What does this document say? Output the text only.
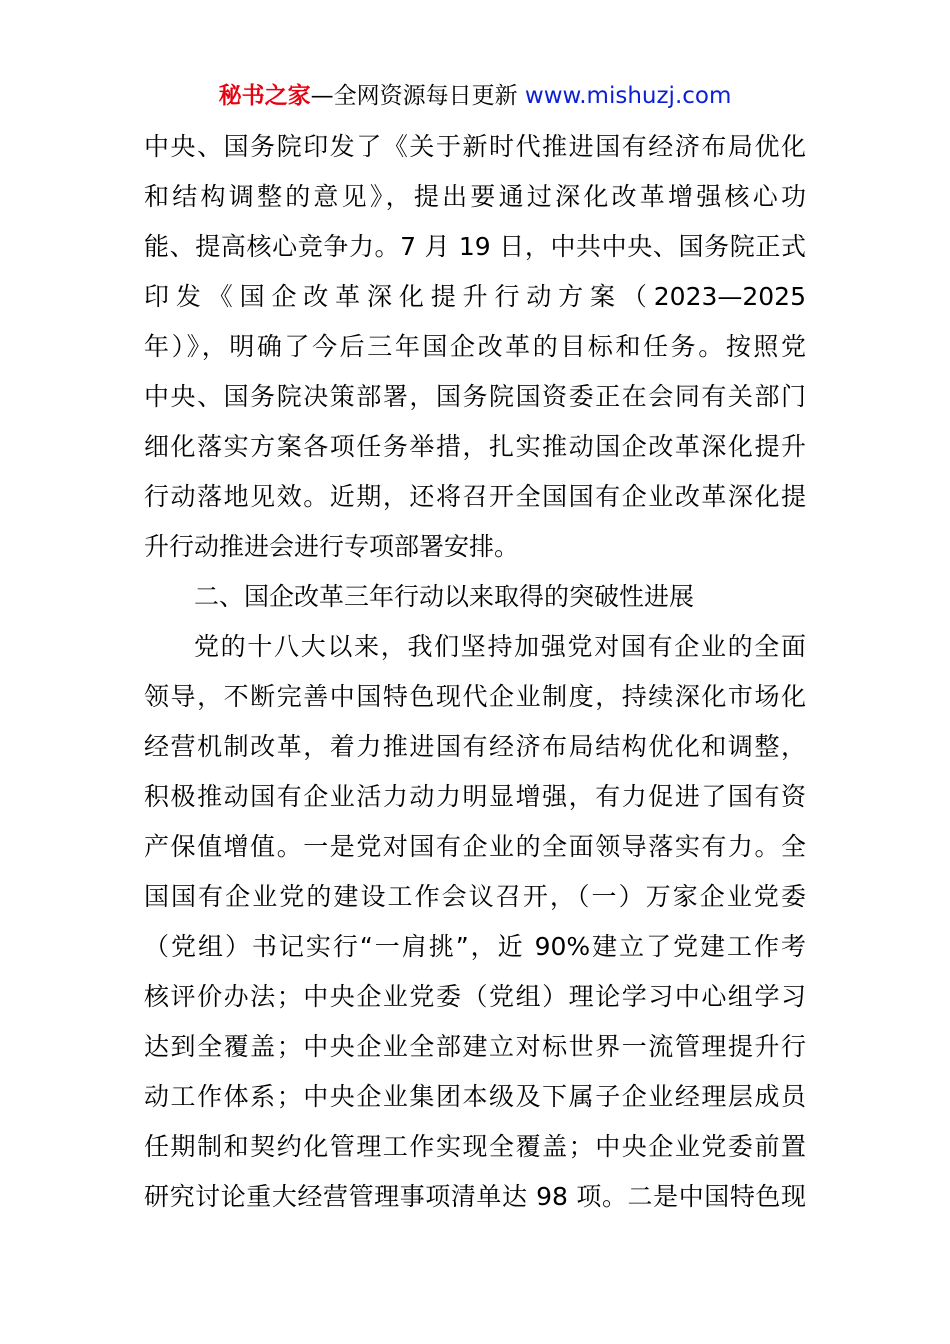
秘书之家—全网资源每日更新 www.mishuzj.com
中央、国务院印发了《关于新时代推进国有经济布局优化
和结构调整的意见》，提出要通过深化改革增强核心功
能、提高核心竞争力。7 月 19 日，中共中央、国务院正式
印发《国企改革深化提升行动方案（2023—2025
年）》，明确了今后三年国企改革的目标和任务。按照党
中央、国务院决策部署，国务院国资委正在会同有关部门
细化落实方案各项任务举措，扎实推动国企改革深化提升
行动落地见效。近期，还将召开全国国有企业改革深化提
升行动推进会进行专项部署安排。
二、国企改革三年行动以来取得的突破性进展
党的十八大以来，我们坚持加强党对国有企业的全面
领导，不断完善中国特色现代企业制度，持续深化市场化
经营机制改革，着力推进国有经济布局结构优化和调整，
积极推动国有企业活力动力明显增强，有力促进了国有资
产保值增值。一是党对国有企业的全面领导落实有力。全
国国有企业党的建设工作会议召开，（一）万家企业党委
（党组）书记实行“一肩挑”，近 90%建立了党建工作考
核评价办法；中央企业党委（党组）理论学习中心组学习
达到全覆盖；中央企业全部建立对标世界一流管理提升行
动工作体系；中央企业集团本级及下属子企业经理层成员
任期制和契约化管理工作实现全覆盖；中央企业党委前置
研究讨论重大经营管理事项清单达 98 项。二是中国特色现
